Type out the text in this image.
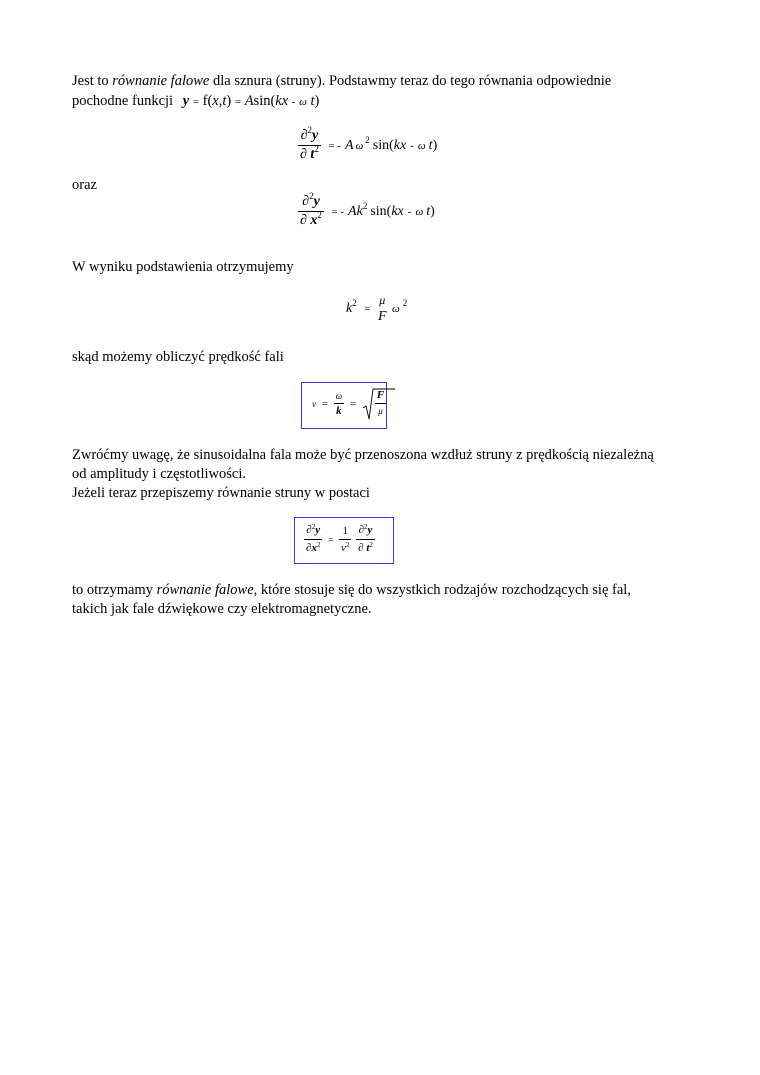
Jest to równanie falowe dla sznura (struny). Podstawmy teraz do tego równania odpowiednie
pochodne funkcji y = f(x,t) = Asin(kx - ω t)
$\frac{\partial^2y}{\partial t^2}$ = - A ω 2 sin(kx - ω t)
oraz
$\frac{\partial^2y}{\partial x^2}$ = - Ak2 sin(kx - ω t)
W wyniku podstawienia otrzymujemy
k2 =
μ
F ω 2
skąd możemy obliczyć prędkość fali
$v = \frac{\omega}{k} = \frac{F}{\mu}$
Zwróćmy uwagę, że sinusoidalna fala może być przenoszona wzdłuż struny z prędkością niezależną
od amplitudy i częstotliwości.
Jeżeli teraz przepiszemy równanie struny w postaci
$\frac{\partial^2y}{\partial x^2} = \frac{1}{v^2}$
$\frac{\partial^2y}{\partial t^2}$
to otrzymamy równanie falowe, które stosuje się do wszystkich rodzajów rozchodzących się fal,
takich jak fale dźwiękowe czy elektromagnetyczne.
